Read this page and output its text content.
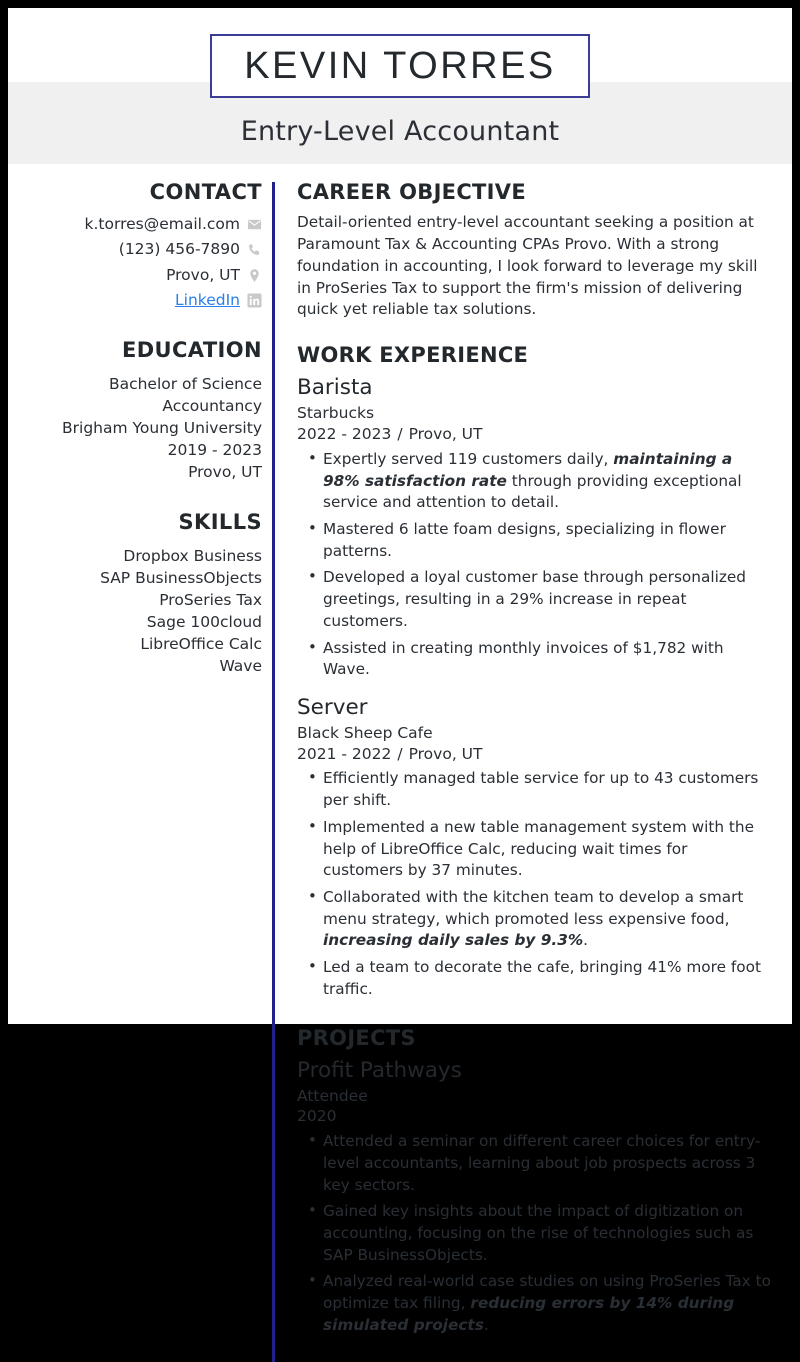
KEVIN TORRES
Entry-Level Accountant
CONTACT
k.torres@email.com
(123) 456-7890
Provo, UT
LinkedIn
EDUCATION
Bachelor of Science
Accountancy
Brigham Young University
2019 - 2023
Provo, UT
SKILLS
Dropbox Business
SAP BusinessObjects
ProSeries Tax
Sage 100cloud
LibreOffice Calc
Wave
CAREER OBJECTIVE

Detail-oriented entry-level accountant seeking a position at Paramount Tax & Accounting CPAs Provo. With a strong foundation in accounting, I look forward to leverage my skill in ProSeries Tax to support the firm's mission of delivering quick yet reliable tax solutions.

WORK EXPERIENCE
Barista
Starbucks
2022 - 2023 / Provo, UT
• Expertly served 119 customers daily, maintaining a 98% satisfaction rate through providing exceptional service and attention to detail.
• Mastered 6 latte foam designs, specializing in flower patterns.
• Developed a loyal customer base through personalized greetings, resulting in a 29% increase in repeat customers.
• Assisted in creating monthly invoices of $1,782 with Wave.
Server
Black Sheep Cafe
2021 - 2022 / Provo, UT
• Efficiently managed table service for up to 43 customers per shift.
• Implemented a new table management system with the help of LibreOffice Calc, reducing wait times for customers by 37 minutes.
• Collaborated with the kitchen team to develop a smart menu strategy, which promoted less expensive food, increasing daily sales by 9.3%.
• Led a team to decorate the cafe, bringing 41% more foot traffic.
PROJECTS
Profit Pathways
Attendee
2020
• Attended a seminar on different career choices for entry-level accountants, learning about job prospects across 3 key sectors.
• Gained key insights about the impact of digitization on accounting, focusing on the rise of technologies such as SAP BusinessObjects.
• Analyzed real-world case studies on using ProSeries Tax to optimize tax filing, reducing errors by 14% during simulated projects.
